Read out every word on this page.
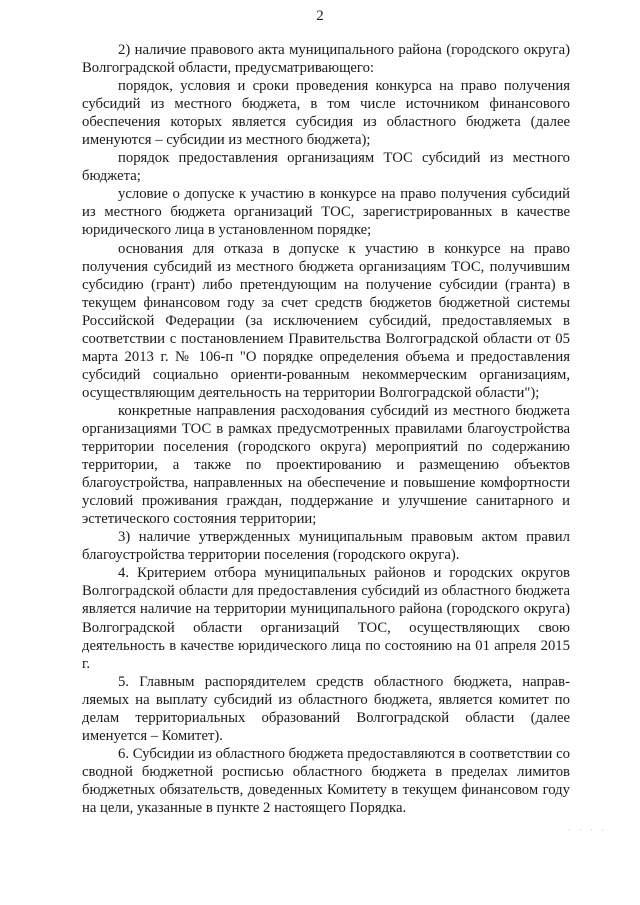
2

2) наличие правового акта муниципального района (городского округа) Волгоградской области, предусматривающего:

порядок, условия и сроки проведения конкурса на право получения субсидий из местного бюджета, в том числе источником финансового обеспечения которых является субсидия из областного бюджета (далее именуются – субсидии из местного бюджета);

порядок предоставления организациям ТОС субсидий из местного бюджета;

условие о допуске к участию в конкурсе на право получения субсидий из местного бюджета организаций ТОС, зарегистрированных в качестве юридического лица в установленном порядке;

основания для отказа в допуске к участию в конкурсе на право получения субсидий из местного бюджета организациям ТОС, получившим субсидию (грант) либо претендующим на получение субсидии (гранта) в текущем финансовом году за счет средств бюджетов бюджетной системы Российской Федерации (за исключением субсидий, предоставляемых в соответствии с постановлением Правительства Волгоградской области от 05 марта 2013 г. № 106-п "О порядке определения объема и предоставления субсидий социально ориенти-рованным некоммерческим организациям, осуществляющим деятельность на территории Волгоградской области");

конкретные направления расходования субсидий из местного бюджета организациями ТОС в рамках предусмотренных правилами благоустройства территории поселения (городского округа) мероприятий по содержанию территории, а также по проектированию и размещению объектов благоустройства, направленных на обеспечение и повышение комфортности условий проживания граждан, поддержание и улучшение санитарного и эстетического состояния территории;

3) наличие утвержденных муниципальным правовым актом правил благоустройства территории поселения (городского округа).

4. Критерием отбора муниципальных районов и городских округов Волгоградской области для предоставления субсидий из областного бюджета является наличие на территории муниципального района (городского округа) Волгоградской области организаций ТОС, осуществляющих свою деятельность в качестве юридического лица по состоянию на 01 апреля 2015 г.

5. Главным распорядителем средств областного бюджета, направ-ляемых на выплату субсидий из областного бюджета, является комитет по делам территориальных образований Волгоградской области (далее именуется – Комитет).

6. Субсидии из областного бюджета предоставляются в соответствии со сводной бюджетной росписью областного бюджета в пределах лимитов бюджетных обязательств, доведенных Комитету в текущем финансовом году на цели, указанные в пункте 2 настоящего Порядка.

· · · ·
